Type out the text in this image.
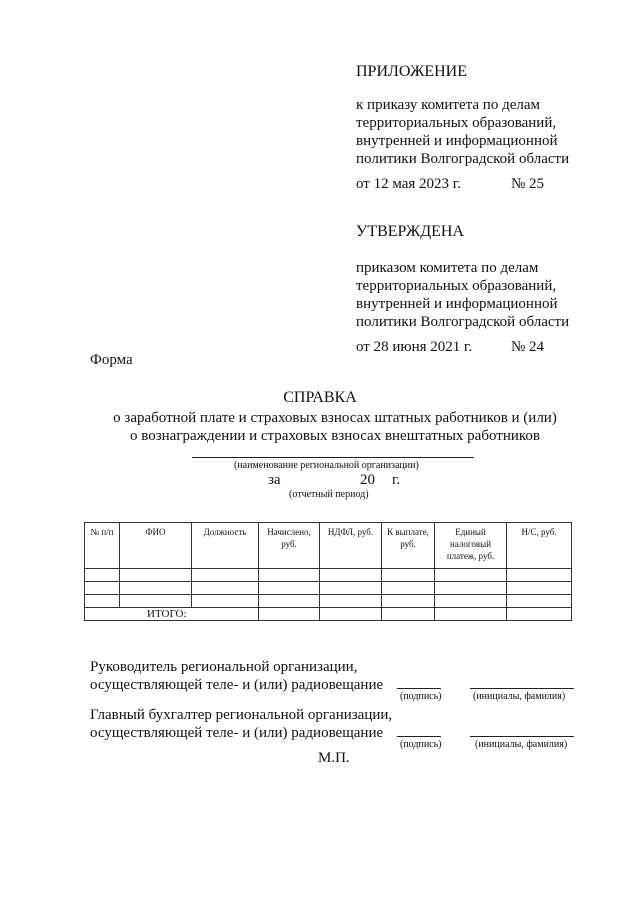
ПРИЛОЖЕНИЕ
к приказу комитета по делам
территориальных образований,
внутренней и информационной
политики Волгоградской области
от 12 мая 2023 г.	№ 25
УТВЕРЖДЕНА
приказом комитета по делам
территориальных образований,
внутренней и информационной
политики Волгоградской области
от 28 июня 2021 г.	№ 24
Форма
СПРАВКА
о заработной плате и страховых взносах штатных работников и (или)
о вознаграждении и страховых взносах внештатных работников
(наименование региональной организации)
за	20 г.
(отчетный период)
№ п/п	ФИО	Должность	Начислено, руб.	НДФЛ, руб.	К выплате, руб.	Единый налоговый платеж, руб.	Н/С, руб.

ИТОГО:							
Руководитель региональной организации,
осуществляющей теле- и (или) радиовещание
(подпись)	(инициалы, фамилия)
Главный бухгалтер региональной организации,
осуществляющей теле- и (или) радиовещание
(подпись)	(инициалы, фамилия)
М.П.
